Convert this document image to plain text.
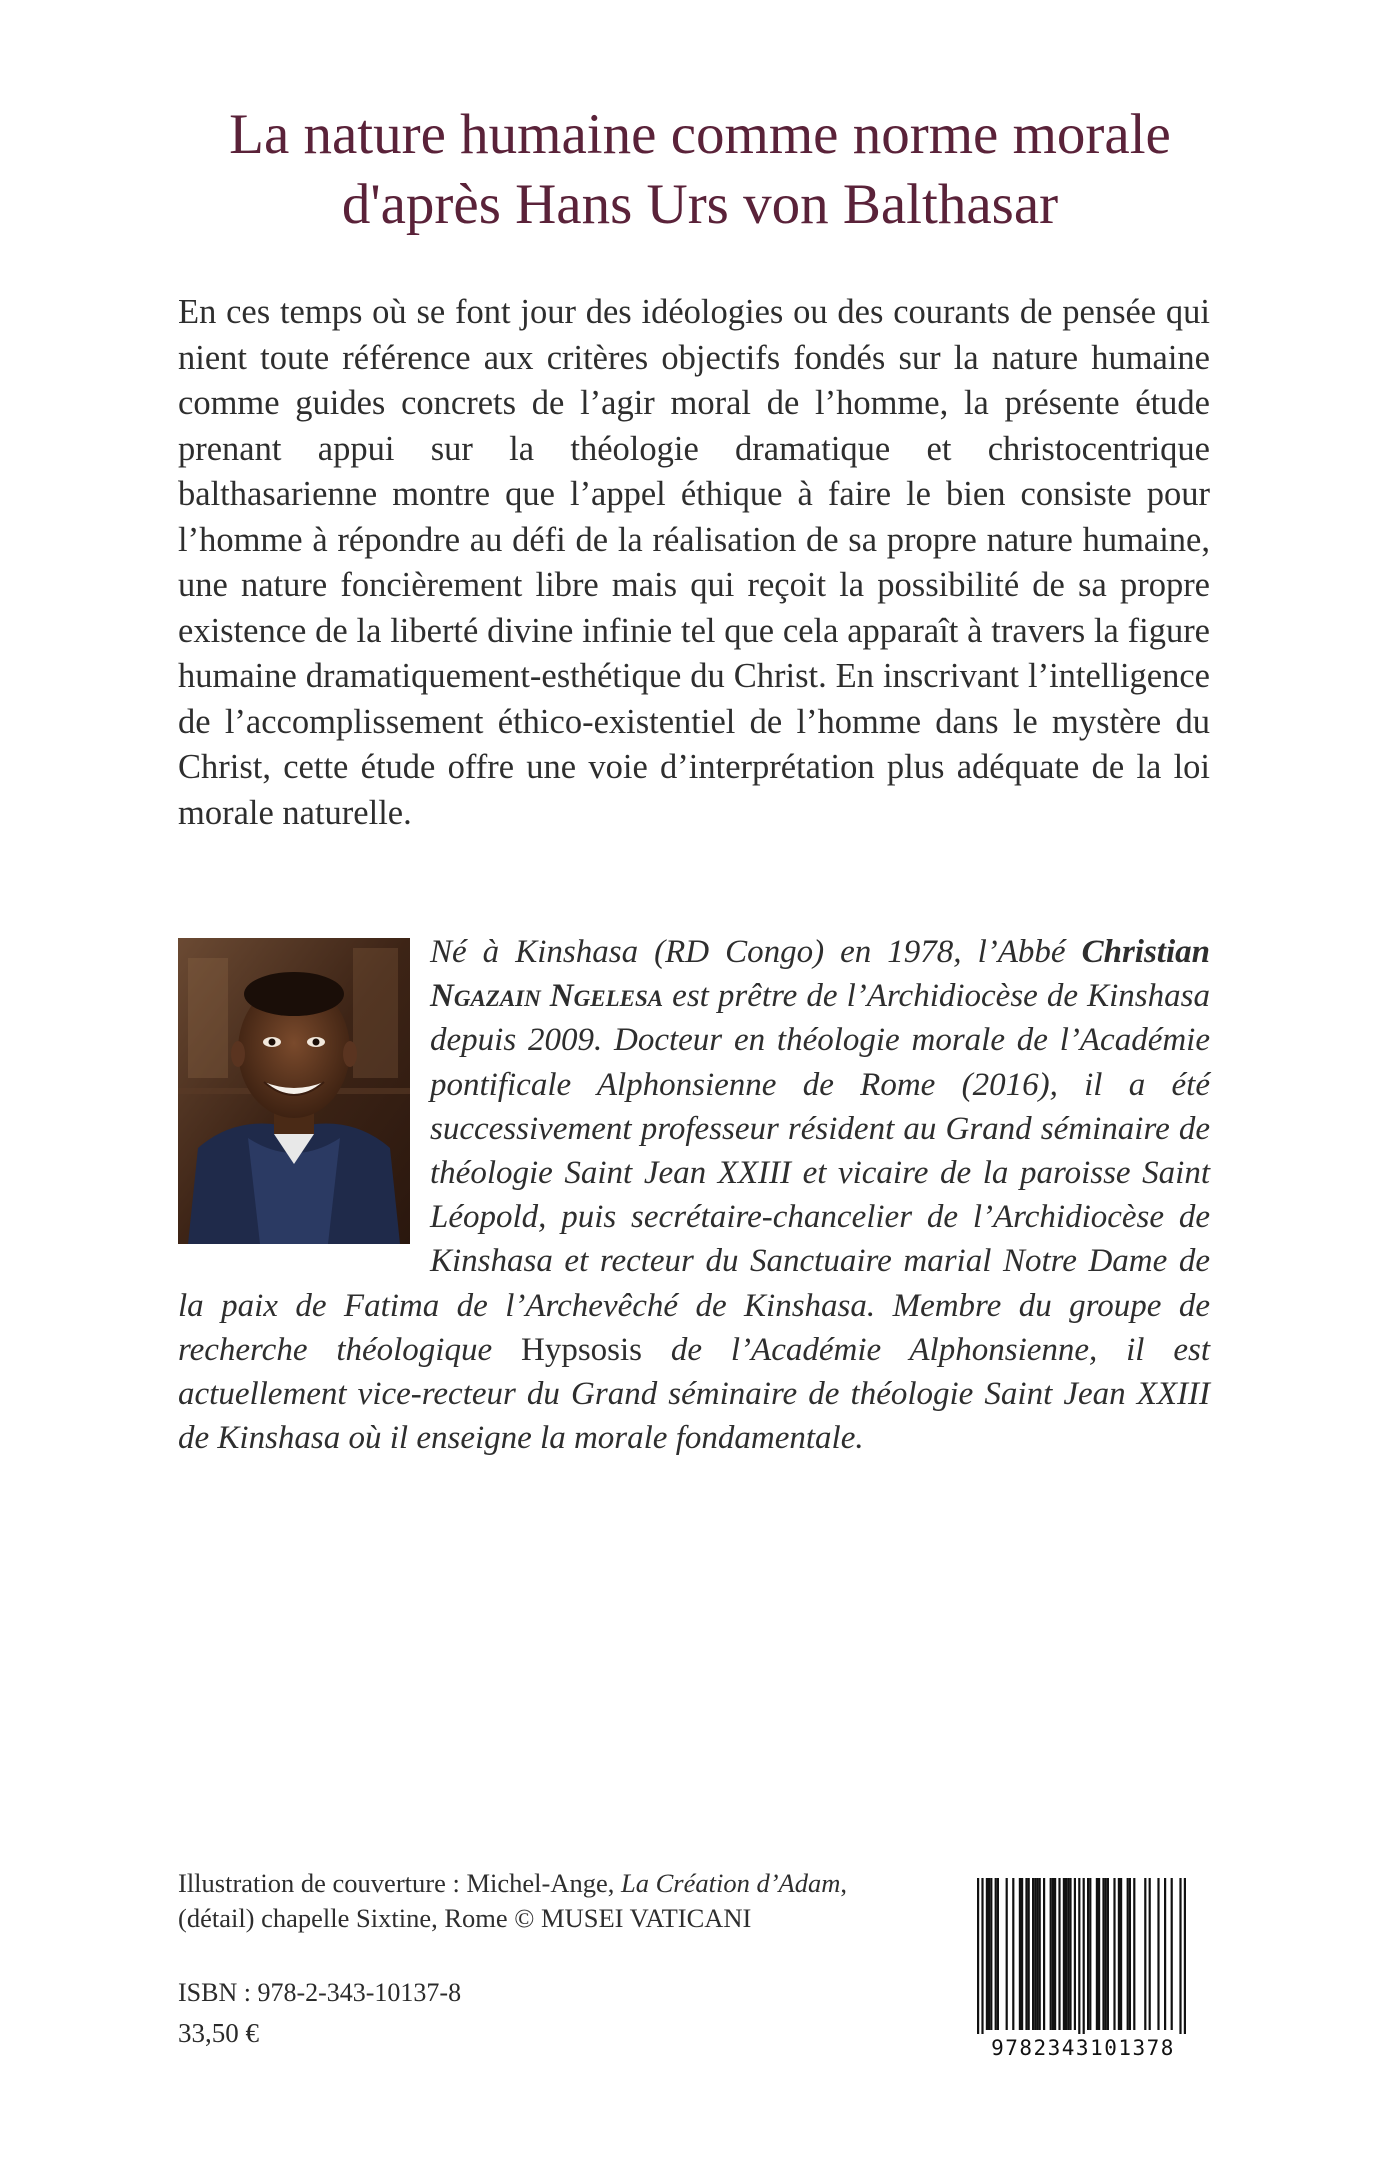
La nature humaine comme norme morale
d'après Hans Urs von Balthasar

En ces temps où se font jour des idéologies ou des courants de pensée qui nient toute référence aux critères objectifs fondés sur la nature humaine comme guides concrets de l’agir moral de l’homme, la présente étude prenant appui sur la théologie dramatique et christocentrique balthasarienne montre que l’appel éthique à faire le bien consiste pour l’homme à répondre au défi de la réalisation de sa propre nature humaine, une nature foncièrement libre mais qui reçoit la possibilité de sa propre existence de la liberté divine infinie tel que cela apparaît à travers la figure humaine dramatiquement-esthétique du Christ. En inscrivant l’intelligence de l’accomplissement éthico-existentiel de l’homme dans le mystère du Christ, cette étude offre une voie d’interprétation plus adéquate de la loi morale naturelle.

Né à Kinshasa (RD Congo) en 1978, l’Abbé Christian Ngazain Ngelesa est prêtre de l’Archidiocèse de Kinshasa depuis 2009. Docteur en théologie morale de l’Académie pontificale Alphonsienne de Rome (2016), il a été successivement professeur résident au Grand séminaire de théologie Saint Jean XXIII et vicaire de la paroisse Saint Léopold, puis secrétaire-chancelier de l’Archidiocèse de Kinshasa et recteur du Sanctuaire marial Notre Dame de la paix de Fatima de l’Archevêché de Kinshasa. Membre du groupe de recherche théologique Hypsosis de l’Académie Alphonsienne, il est actuellement vice-recteur du Grand séminaire de théologie Saint Jean XXIII de Kinshasa où il enseigne la morale fondamentale.

Illustration de couverture : Michel-Ange, La Création d’Adam,
(détail) chapelle Sixtine, Rome © MUSEI VATICANI

ISBN : 978-2-343-10137-8

33,50 €	9782343101378
